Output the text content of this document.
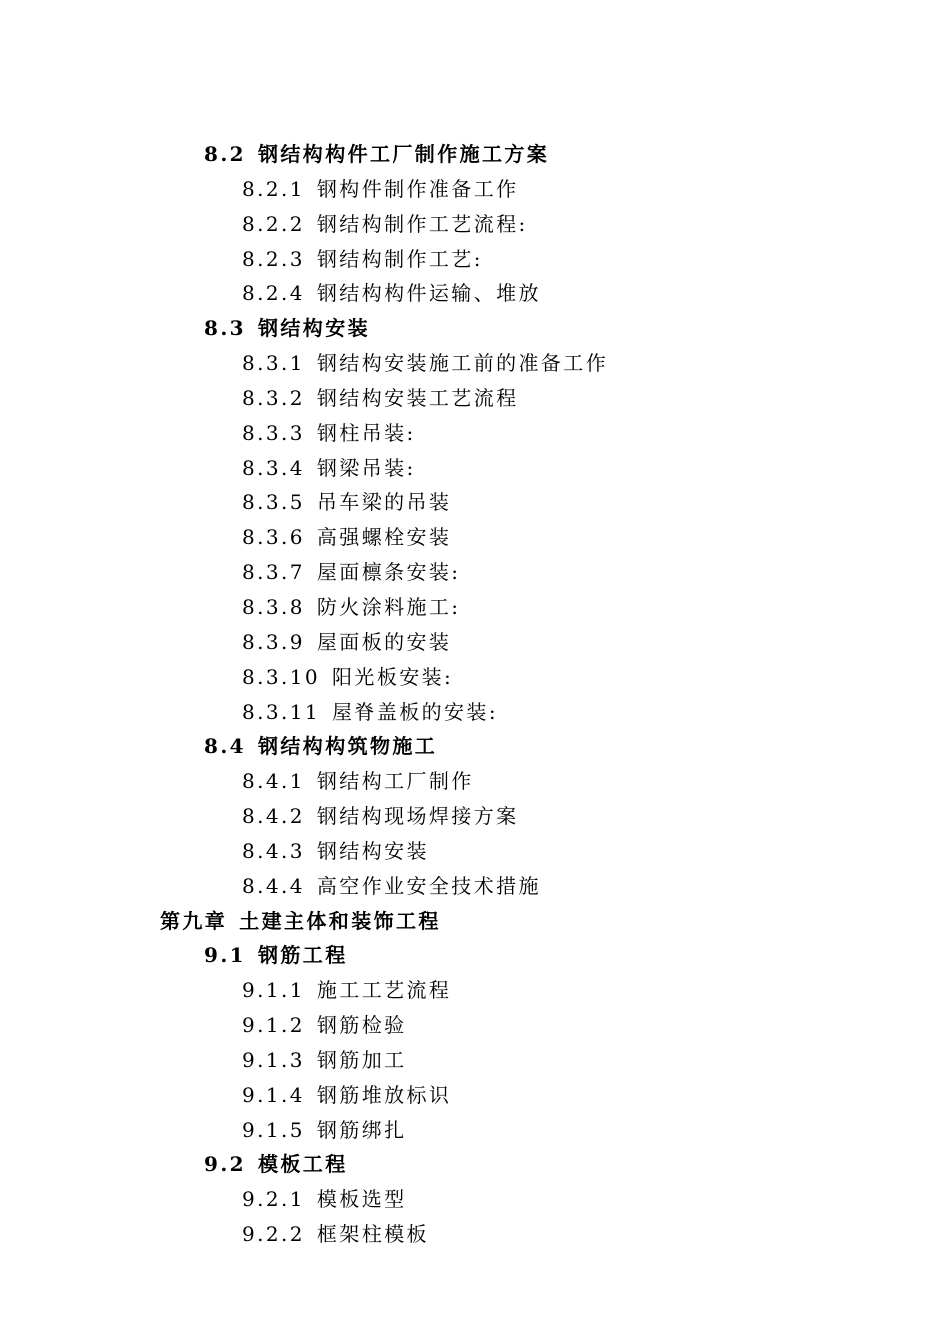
8.2 钢结构构件工厂制作施工方案
8.2.1 钢构件制作准备工作
8.2.2 钢结构制作工艺流程:
8.2.3 钢结构制作工艺:
8.2.4 钢结构构件运输、堆放
8.3 钢结构安装
8.3.1 钢结构安装施工前的准备工作
8.3.2 钢结构安装工艺流程
8.3.3 钢柱吊装:
8.3.4 钢梁吊装:
8.3.5 吊车梁的吊装
8.3.6 高强螺栓安装
8.3.7 屋面檩条安装:
8.3.8 防火涂料施工:
8.3.9 屋面板的安装
8.3.10 阳光板安装:
8.3.11 屋脊盖板的安装:
8.4 钢结构构筑物施工
8.4.1 钢结构工厂制作
8.4.2 钢结构现场焊接方案
8.4.3 钢结构安装
8.4.4 高空作业安全技术措施
第九章 土建主体和装饰工程
9.1 钢筋工程
9.1.1 施工工艺流程
9.1.2 钢筋检验
9.1.3 钢筋加工
9.1.4 钢筋堆放标识
9.1.5 钢筋绑扎
9.2 模板工程
9.2.1 模板选型
9.2.2 框架柱模板
